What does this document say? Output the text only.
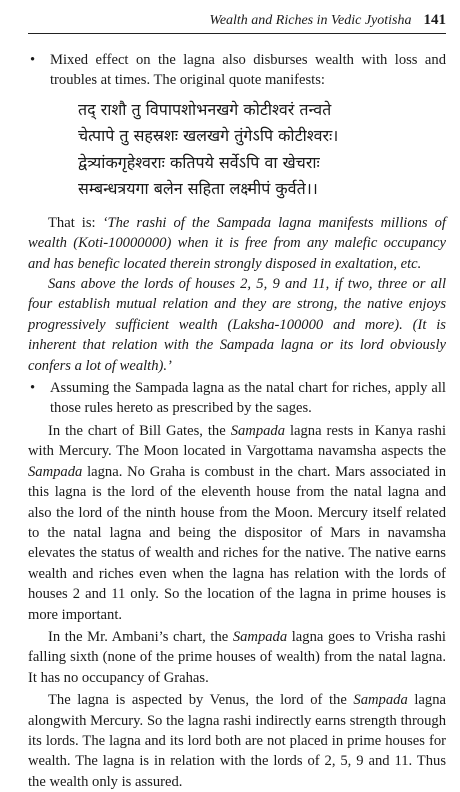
Wealth and Riches in Vedic Jyotisha 141

• Mixed effect on the lagna also disburses wealth with loss and troubles at times. The original quote manifests:

तद् राशौ तु विपापशोभनखगे कोटीश्वरं तन्वते
चेत्पापे तु सहस्रशः खलखगे तुंगेऽपि कोटीश्वरः।
द्वेत्र्यांकगृहेश्वराः कतिपये सर्वेऽपि वा खेचराः
सम्बन्धत्रयगा बलेन सहिता लक्ष्मीपं कुर्वते।।

That is: ‘The rashi of the Sampada lagna manifests millions of wealth (Koti-10000000) when it is free from any malefic occupancy and has benefic located therein strongly disposed in exaltation, etc.

Sans above the lords of houses 2, 5, 9 and 11, if two, three or all four establish mutual relation and they are strong, the native enjoys progressively sufficient wealth (Laksha-100000 and more). (It is inherent that relation with the Sampada lagna or its lord obviously confers a lot of wealth).’

• Assuming the Sampada lagna as the natal chart for riches, apply all those rules hereto as prescribed by the sages.

In the chart of Bill Gates, the Sampada lagna rests in Kanya rashi with Mercury. The Moon located in Vargottama navamsha aspects the Sampada lagna. No Graha is combust in the chart. Mars associated in this lagna is the lord of the eleventh house from the natal lagna and also the lord of the ninth house from the Moon. Mercury itself related to the natal lagna and being the dispositor of Mars in navamsha elevates the status of wealth and riches for the native. The native earns wealth and riches even when the lagna has relation with the lords of houses 2 and 11 only. So the location of the lagna in prime houses is more important.

In the Mr. Ambani’s chart, the Sampada lagna goes to Vrisha rashi falling sixth (none of the prime houses of wealth) from the natal lagna. It has no occupancy of Grahas.

The lagna is aspected by Venus, the lord of the Sampada lagna alongwith Mercury. So the lagna rashi indirectly earns strength through its lords. The lagna and its lord both are not placed in prime houses for wealth. The lagna is in relation with the lords of 2, 5, 9 and 11. Thus the wealth only is assured.
